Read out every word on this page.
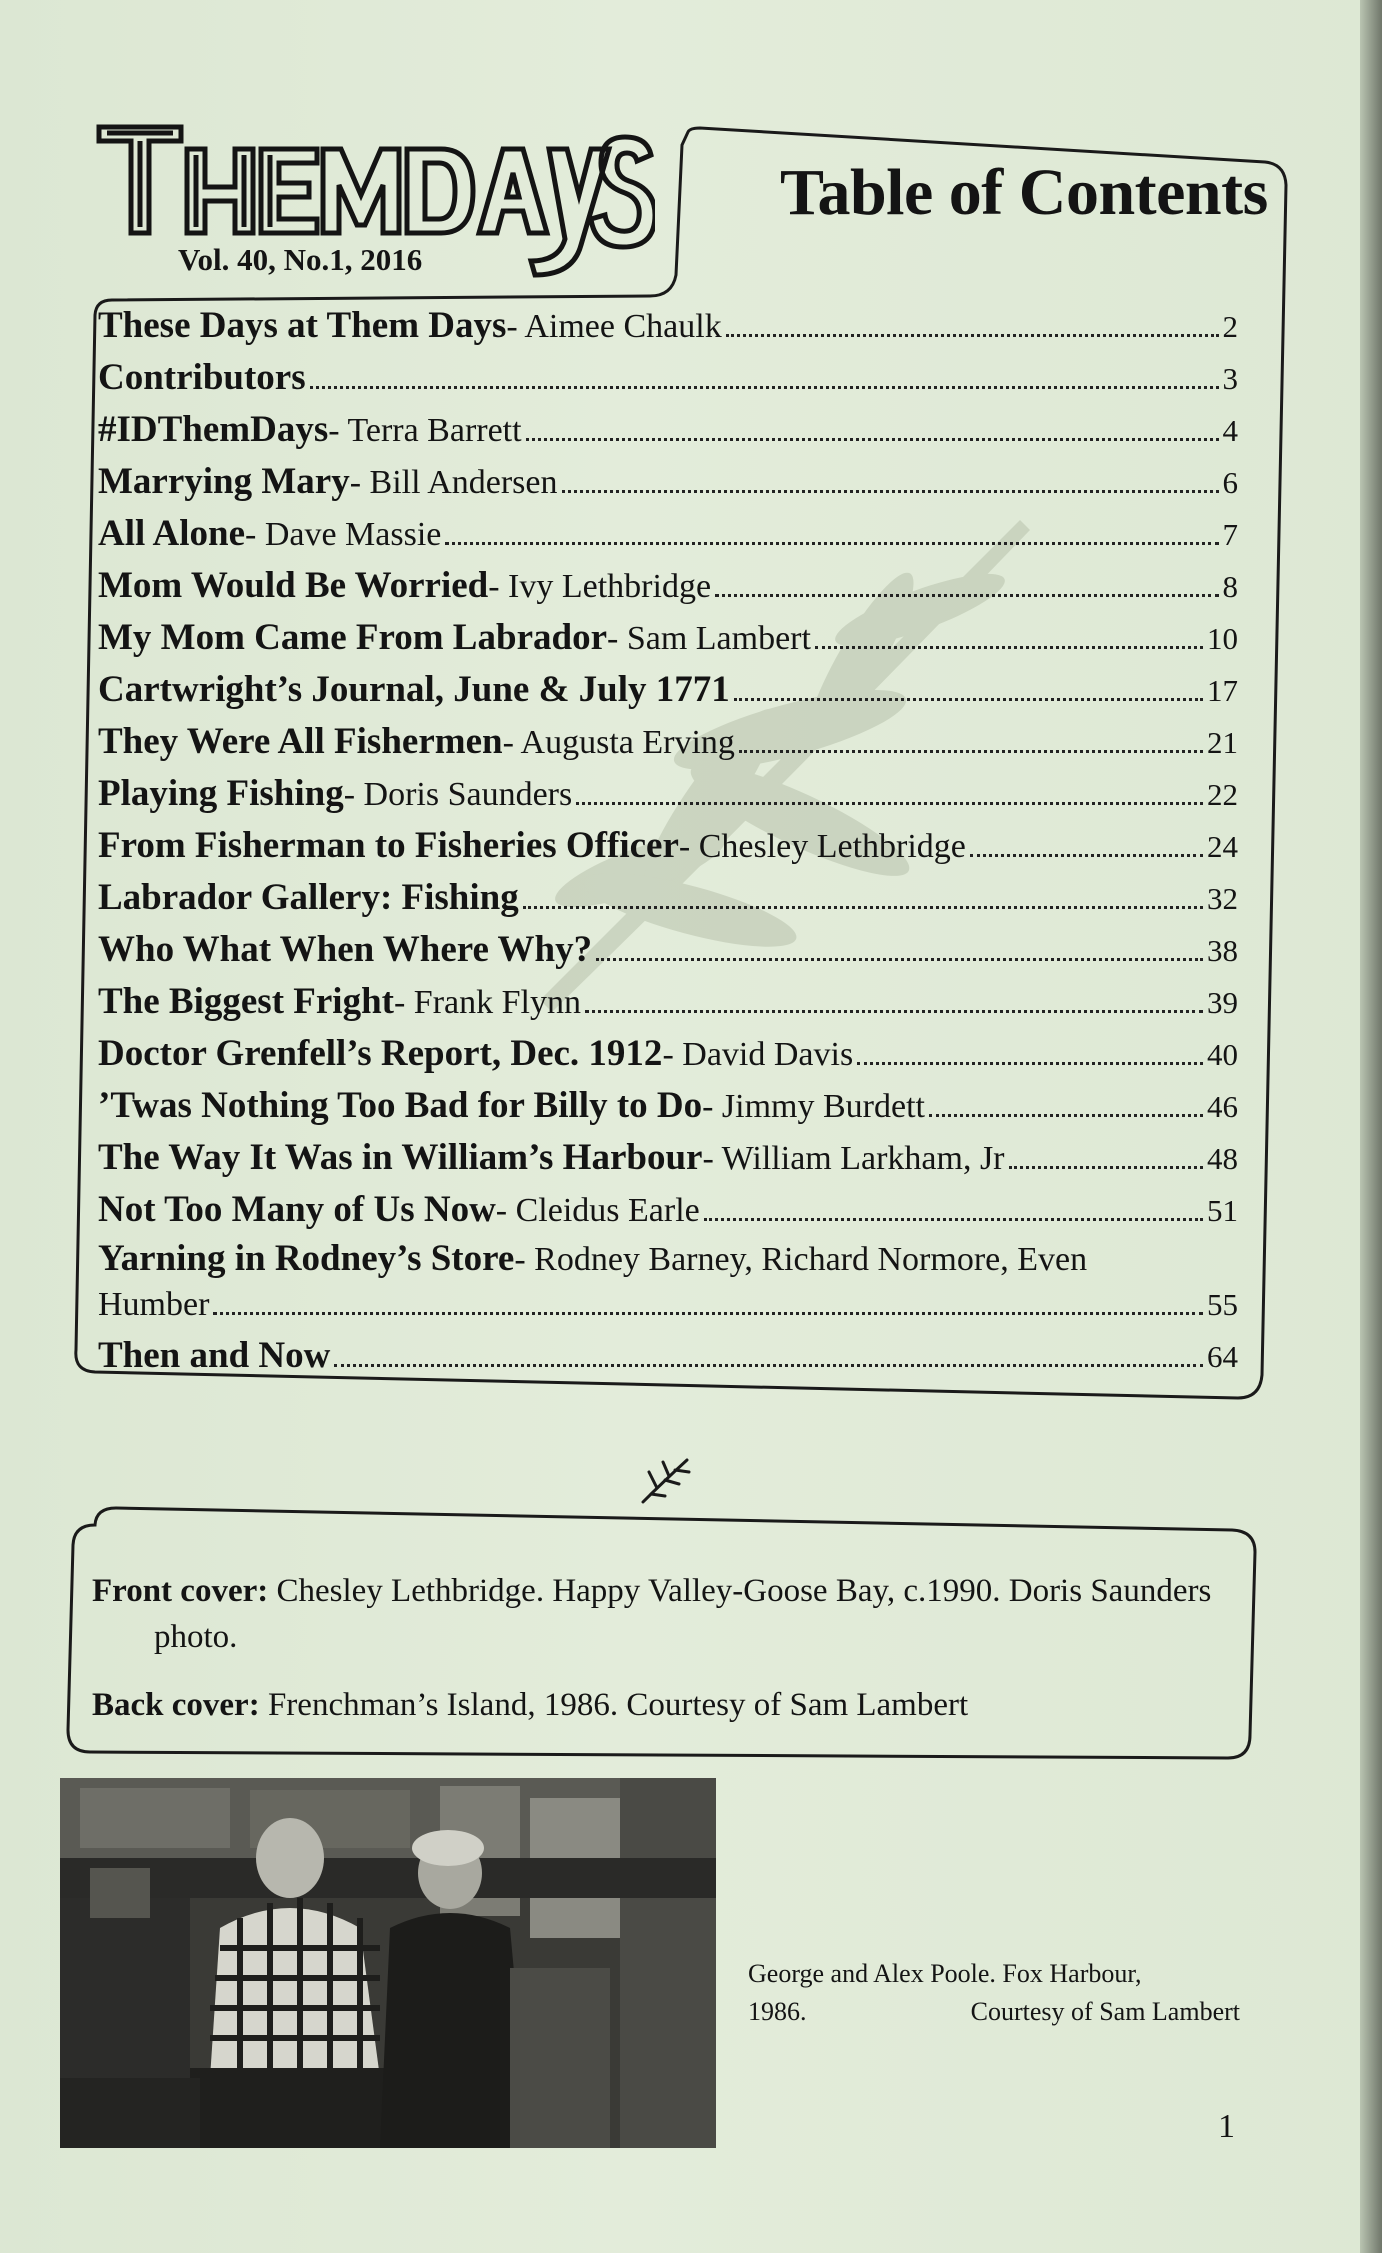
Vol. 40, No.1, 2016
Table of Contents
These Days at Them Days - Aimee Chaulk	2
Contributors	3
#IDThemDays - Terra Barrett	4
Marrying Mary - Bill Andersen	6
All Alone - Dave Massie	7
Mom Would Be Worried - Ivy Lethbridge	8
My Mom Came From Labrador - Sam Lambert	10
Cartwright’s Journal, June & July 1771	17
They Were All Fishermen - Augusta Erving	21
Playing Fishing - Doris Saunders	22
From Fisherman to Fisheries Officer - Chesley Lethbridge	24
Labrador Gallery: Fishing	32
Who What When Where Why?	38
The Biggest Fright - Frank Flynn	39
Doctor Grenfell’s Report, Dec. 1912 - David Davis	40
’Twas Nothing Too Bad for Billy to Do - Jimmy Burdett	46
The Way It Was in William’s Harbour - William Larkham, Jr	48
Not Too Many of Us Now - Cleidus Earle	51
Yarning in Rodney’s Store - Rodney Barney, Richard Normore, Even
Humber	55
Then and Now	64

Front cover: Chesley Lethbridge. Happy Valley-Goose Bay, c.1990. Doris Saunders photo.

Back cover: Frenchman’s Island, 1986. Courtesy of Sam Lambert

George and Alex Poole. Fox Harbour,
1986.	Courtesy of Sam Lambert
1
